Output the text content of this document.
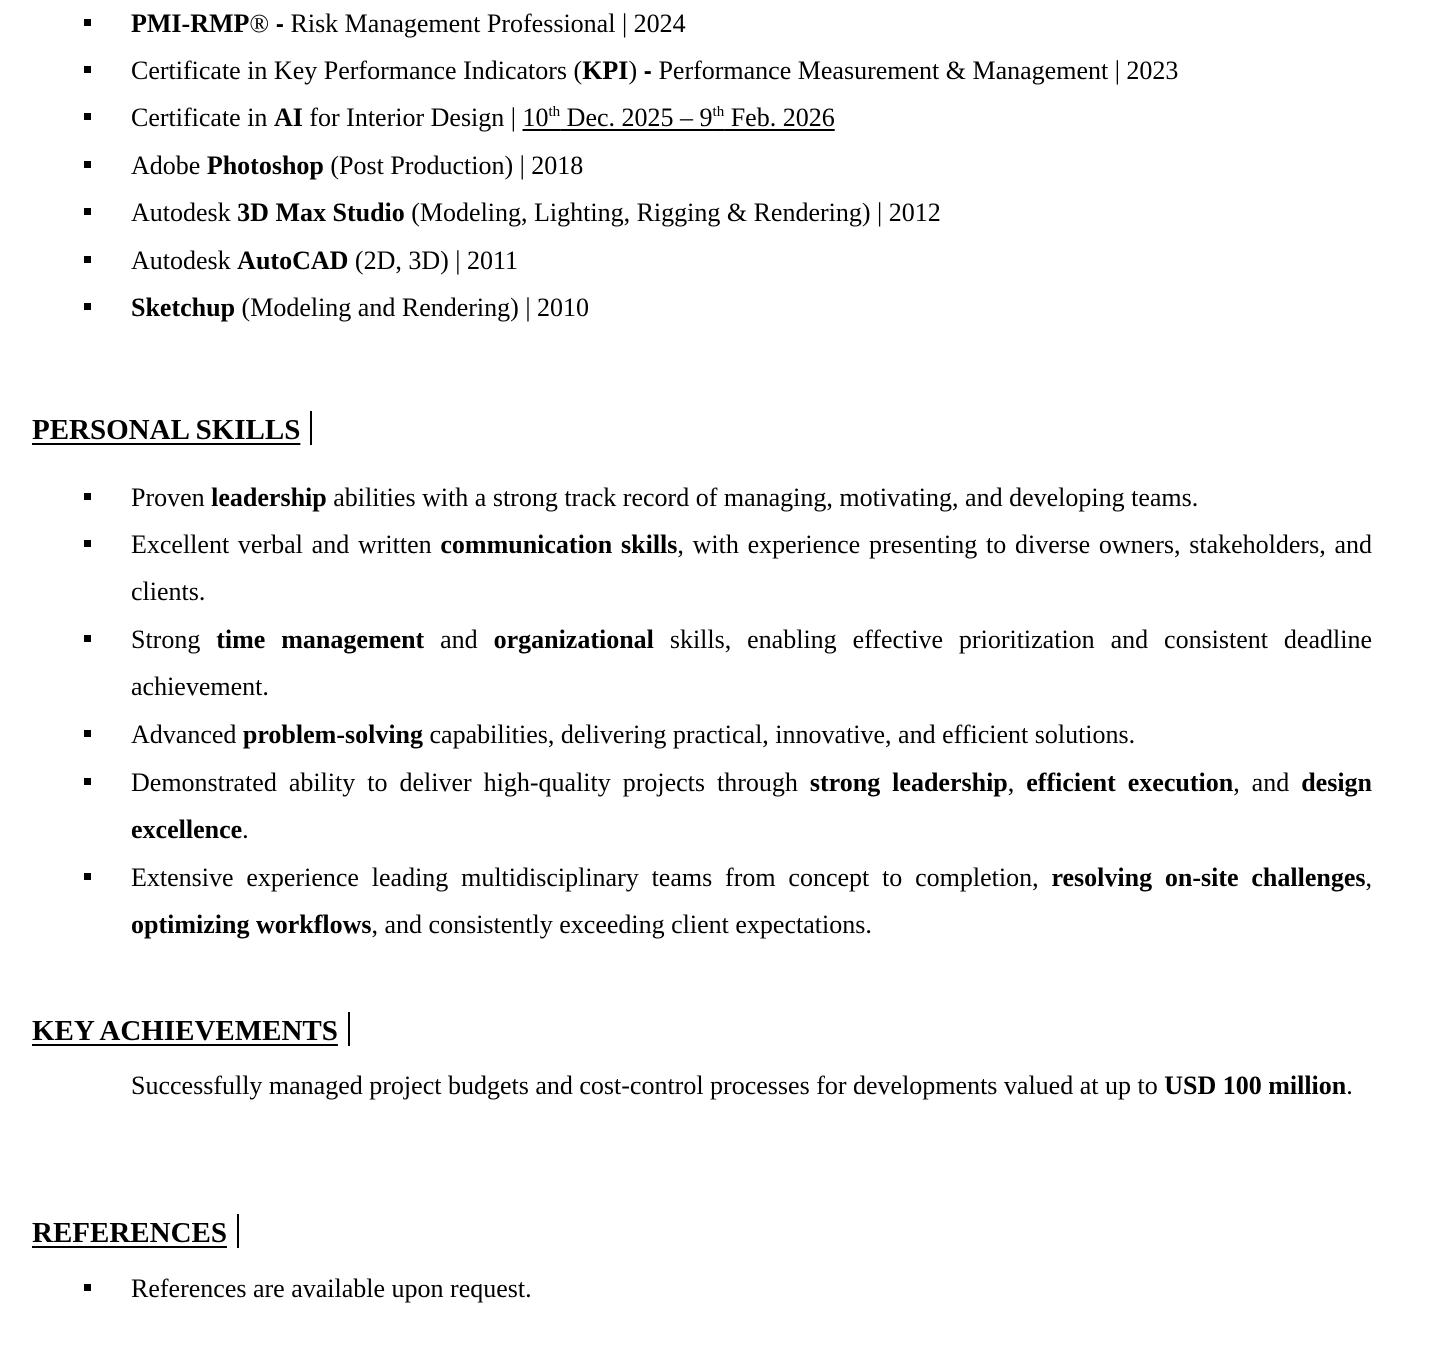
PMI-RMP® - Risk Management Professional | 2024
Certificate in Key Performance Indicators (KPI) - Performance Measurement & Management | 2023
Certificate in AI for Interior Design | 10th Dec. 2025 – 9th Feb. 2026
Adobe Photoshop (Post Production) | 2018
Autodesk 3D Max Studio (Modeling, Lighting, Rigging & Rendering) | 2012
Autodesk AutoCAD (2D, 3D) | 2011
Sketchup (Modeling and Rendering) | 2010
PERSONAL SKILLS
Proven leadership abilities with a strong track record of managing, motivating, and developing teams.
Excellent verbal and written communication skills, with experience presenting to diverse owners, stakeholders, and clients.
Strong time management and organizational skills, enabling effective prioritization and consistent deadline achievement.
Advanced problem-solving capabilities, delivering practical, innovative, and efficient solutions.
Demonstrated ability to deliver high-quality projects through strong leadership, efficient execution, and design excellence.
Extensive experience leading multidisciplinary teams from concept to completion, resolving on-site challenges, optimizing workflows, and consistently exceeding client expectations.
KEY ACHIEVEMENTS
Successfully managed project budgets and cost-control processes for developments valued at up to USD 100 million.
REFERENCES
References are available upon request.
